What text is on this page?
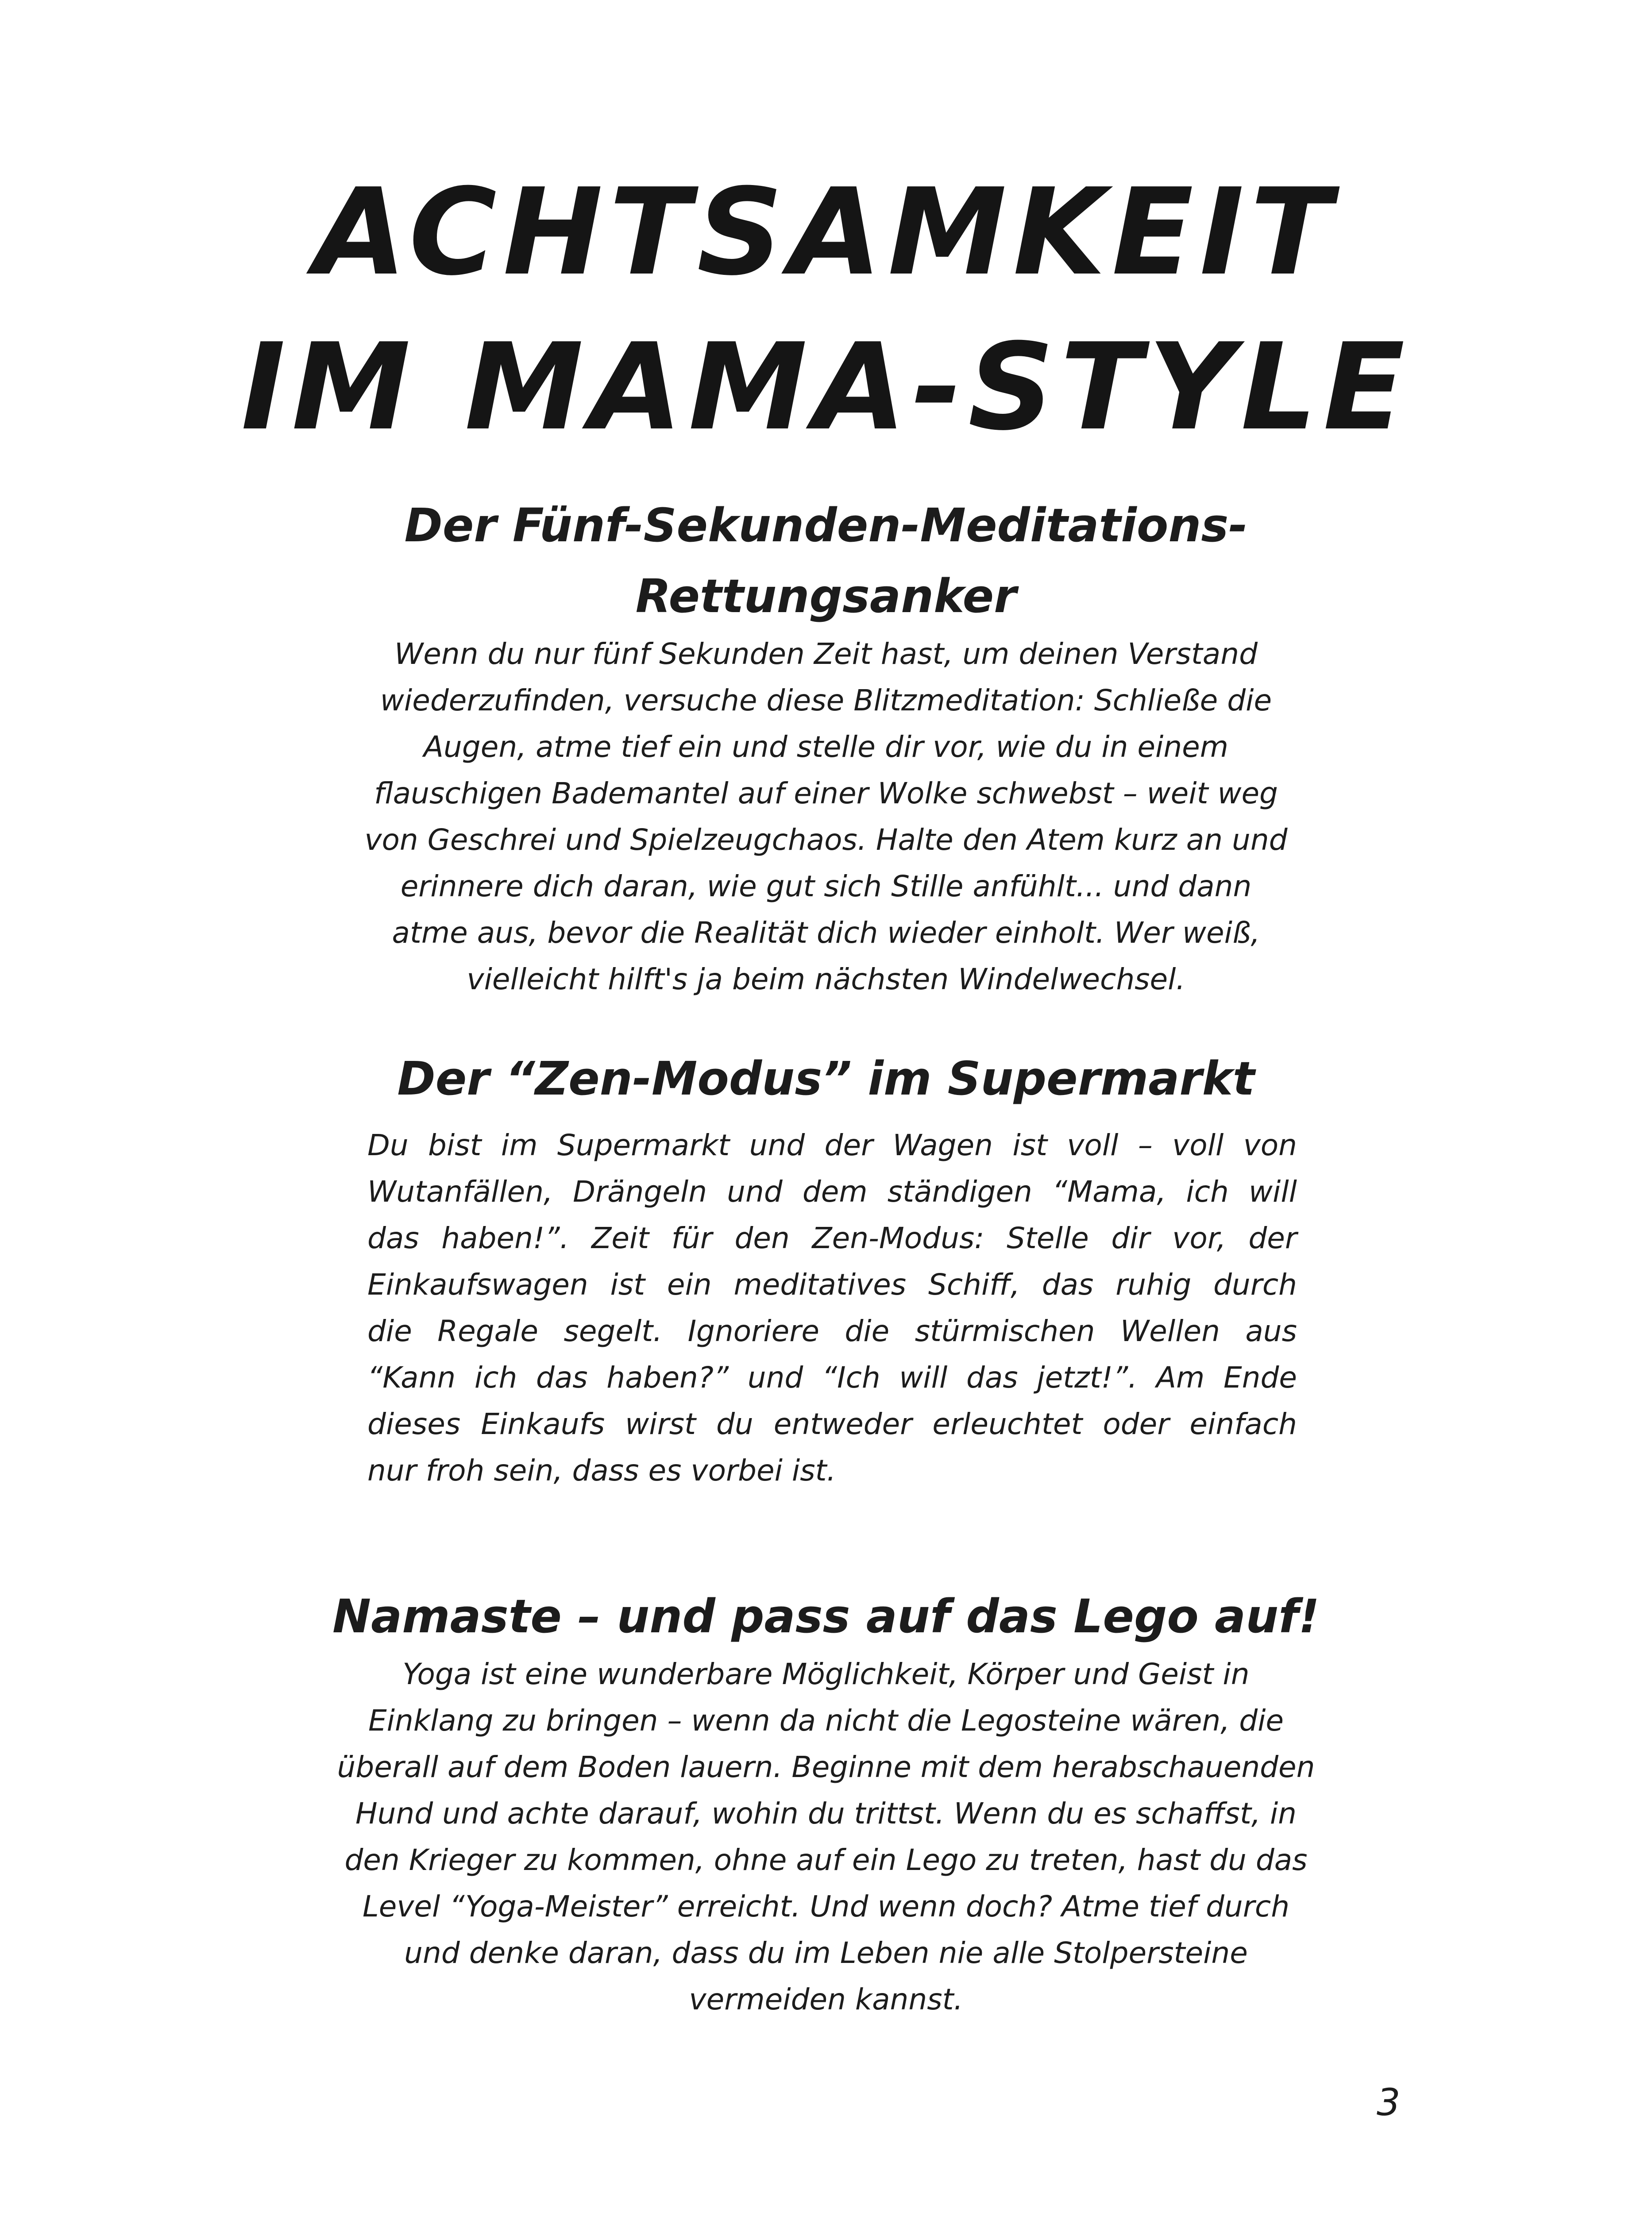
ACHTSAMKEIT
IM MAMA-STYLE
Der Fünf-Sekunden-Meditations-
Rettungsanker

Wenn du nur fünf Sekunden Zeit hast, um deinen Verstand

wiederzufinden, versuche diese Blitzmeditation: Schließe die

Augen, atme tief ein und stelle dir vor, wie du in einem

flauschigen Bademantel auf einer Wolke schwebst – weit weg

von Geschrei und Spielzeugchaos. Halte den Atem kurz an und

erinnere dich daran, wie gut sich Stille anfühlt... und dann

atme aus, bevor die Realität dich wieder einholt. Wer weiß,

vielleicht hilft's ja beim nächsten Windelwechsel.

Der “Zen-Modus” im Supermarkt

Du bist im Supermarkt und der Wagen ist voll – voll von

Wutanfällen, Drängeln und dem ständigen “Mama, ich will

das haben!”. Zeit für den Zen-Modus: Stelle dir vor, der

Einkaufswagen ist ein meditatives Schiff, das ruhig durch

die Regale segelt. Ignoriere die stürmischen Wellen aus

“Kann ich das haben?” und “Ich will das jetzt!”. Am Ende

dieses Einkaufs wirst du entweder erleuchtet oder einfach

nur froh sein, dass es vorbei ist.

Namaste – und pass auf das Lego auf!

Yoga ist eine wunderbare Möglichkeit, Körper und Geist in

Einklang zu bringen – wenn da nicht die Legosteine wären, die

überall auf dem Boden lauern. Beginne mit dem herabschauenden

Hund und achte darauf, wohin du trittst. Wenn du es schaffst, in

den Krieger zu kommen, ohne auf ein Lego zu treten, hast du das

Level “Yoga-Meister” erreicht. Und wenn doch? Atme tief durch

und denke daran, dass du im Leben nie alle Stolpersteine

vermeiden kannst.

3
